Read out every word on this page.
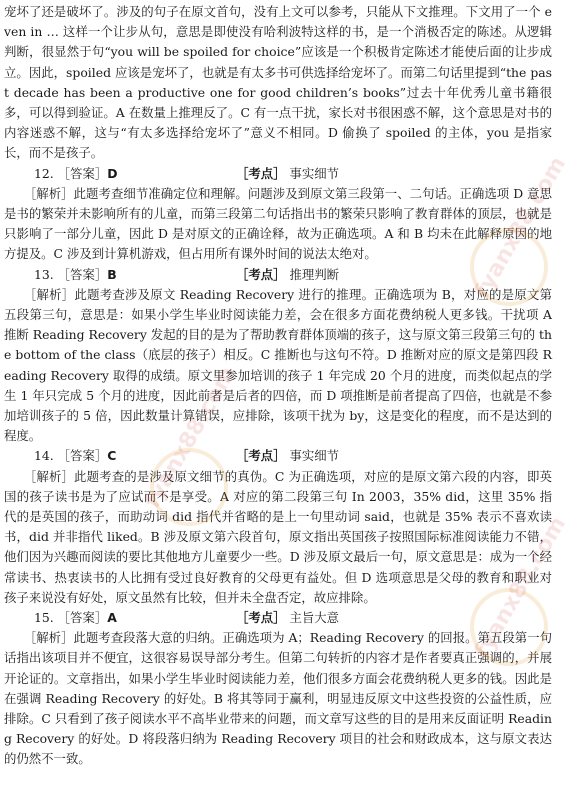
宠坏了还是破坏了。涉及的句子在原文首句，没有上文可以参考，只能从下文推理。下文用了一个 even in … 这样一个让步从句，意思是即使没有哈利波特这样的书，是一个消极否定的陈述。从逻辑判断，很显然于句“you will be spoiled for choice”应该是一个积极肯定陈述才能使后面的让步成立。因此，spoiled 应该是宠坏了，也就是有太多书可供选择给宠坏了。而第二句话里提到“the past decade has been a productive one for good children’s books”过去十年优秀儿童书籍很多，可以得到验证。A 在数量上推理反了。C 有一点干扰，家长对书很困惑不解，这个意思是对书的内容迷惑不解，这与“有太多选择给宠坏了”意义不相同。D 偷换了 spoiled 的主体，you 是指家长，而不是孩子。

12. ［答案］D	［考点］ 事实细节

［解析］此题考查细节准确定位和理解。问题涉及到原文第三段第一、二句话。正确选项 D 意思是书的繁荣并未影响所有的儿童，而第三段第二句话指出书的繁荣只影响了教育群体的顶层，也就是只影响了一部分儿童，因此 D 是对原文的正确诠释，故为正确选项。A 和 B 均未在此解释原因的地方提及。C 涉及到计算机游戏，但占用所有课外时间的说法太绝对。

13. ［答案］B	［考点］ 推理判断

［解析］此题考查涉及原文 Reading Recovery 进行的推理。正确选项为 B，对应的是原文第五段第三句，意思是：如果小学生毕业时阅读能力差，会在很多方面花费纳税人更多钱。干扰项 A 推断 Reading Recovery 发起的目的是为了帮助教育群体顶端的孩子，这与原文第三段第三句的 the bottom of the class（底层的孩子）相反。C 推断也与这句不符。D 推断对应的原文是第四段 Reading Recovery 取得的成绩。原文里参加培训的孩子 1 年完成 20 个月的进度，而类似起点的学生 1 年只完成 5 个月的进度，因此前者是后者的四倍，而 D 项推断是前者提高了四倍，也就是不参加培训孩子的 5 倍，因此数量计算错误，应排除，该项干扰为 by，这是变化的程度，而不是达到的程度。

14. ［答案］C	［考点］ 事实细节

［解析］此题考查的是涉及原文细节的真伪。C 为正确选项，对应的是原文第六段的内容，即英国的孩子读书是为了应试而不是享受。A 对应的第二段第三句 In 2003，35% did，这里 35% 指代的是英国的孩子，而助动词 did 指代并省略的是上一句里动词 said，也就是 35% 表示不喜欢读书，did 并非指代 liked。B 涉及原文第六段首句，原文指出英国孩子按照国际标准阅读能力不错，他们因为兴趣而阅读的要比其他地方儿童要少一些。D 涉及原文最后一句，原文意思是：成为一个经常读书、热衷读书的人比拥有受过良好教育的父母更有益处。但 D 选项意思是父母的教育和职业对孩子来说没有好处，原文虽然有比较，但并未全盘否定，故应排除。

15. ［答案］A	［考点］ 主旨大意

［解析］此题考查段落大意的归纳。正确选项为 A；Reading Recovery 的回报。第五段第一句话指出该项目并不便宜，这很容易误导部分考生。但第二句转折的内容才是作者要真正强调的，并展开论证的。文章指出，如果小学生毕业时阅读能力差，他们很多方面会花费纳税人更多的钱。因此是在强调 Reading Recovery 的好处。B 将其等同于赢利，明显违反原文中这些投资的公益性质，应排除。C 只看到了孩子阅读水平不高毕业带来的问题，而文章写这些的目的是用来反面证明 Reading Recovery 的好处。D 将段落归纳为 Reading Recovery 项目的社会和财政成本，这与原文表达的仍然不一致。

fyanx88.com
fyanx88.com
fyanx88.com
